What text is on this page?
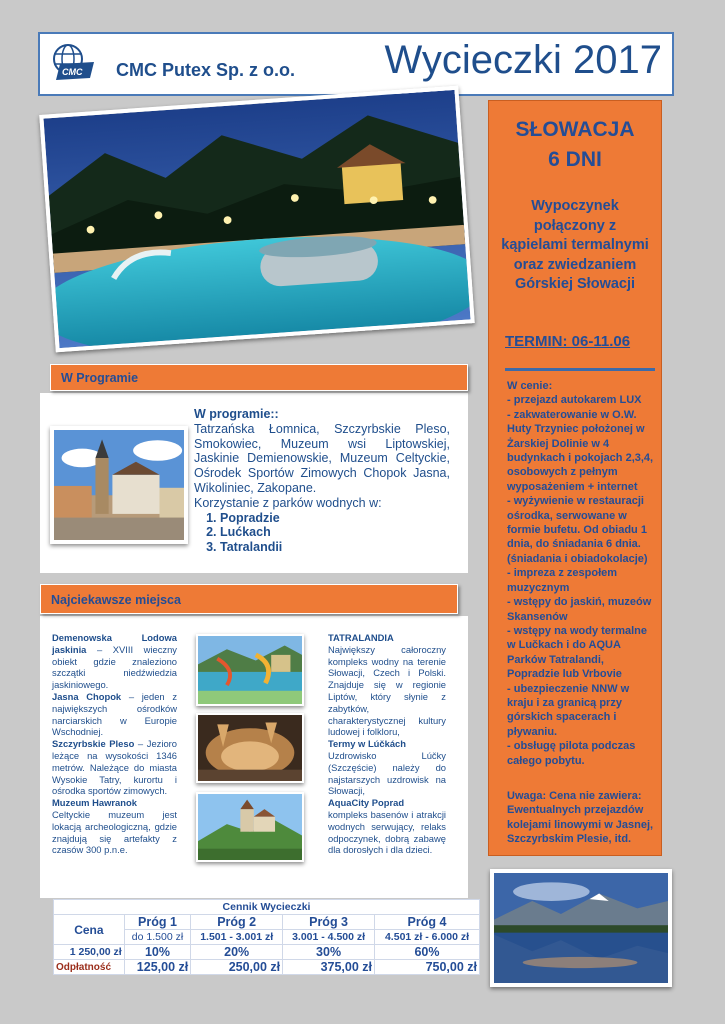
CMC CMC Putex Sp. z o.o. Wycieczki 2017
SŁOWACJA
6 DNI
Wypoczynek połączony z kąpielami termalnymi oraz zwiedzaniem Górskiej Słowacji
TERMIN: 06-11.06
W cenie:
- przejazd autokarem LUX
- zakwaterowanie w O.W. Huty Trzyniec położonej w Żarskiej Dolinie w 4 budynkach i pokojach 2,3,4, osobowych z pełnym wyposażeniem + internet
- wyżywienie w restauracji ośrodka, serwowane w formie bufetu. Od obiadu 1 dnia, do śniadania 6 dnia. (śniadania i obiadokolacje)
- impreza z zespołem muzycznym
- wstępy do jaskiń, muzeów Skansenów
- wstępy na wody termalne w Lučkach i do AQUA Parków Tatralandi, Popradzie lub Vrbovie
- ubezpieczenie NNW w kraju i za granicą przy górskich spacerach i pływaniu.
- obsługę pilota podczas całego pobytu.
Uwaga: Cena nie zawiera: Ewentualnych przejazdów kolejami linowymi w Jasnej, Szczyrbskim Plesie, itd.
W Programie
W programie::
Tatrzańska Łomnica, Szczyrbskie Pleso, Smokowiec, Muzeum wsi Liptowskiej, Jaskinie Demienowskie, Muzeum Celtyckie, Ośrodek Sportów Zimowych Chopok Jasna, Wikoliniec, Zakopane.
Korzystanie z parków wodnych w:
1. Popradzie
2. Lućkach
3. Tatralandii
Najciekawsze miejsca
Demenowska Lodowa jaskinia – XVIII wieczny obiekt gdzie znaleziono szczątki niedźwiedzia jaskiniowego.
Jasna Chopok – jeden z największych ośrodków narciarskich w Europie Wschodniej.
Szczyrbskie Pleso – Jezioro leżące na wysokości 1346 metrów. Należące do miasta Wysokie Tatry, kurortu i ośrodka sportów zimowych.
Muzeum Hawranok
Celtyckie muzeum jest lokacją archeologiczną, gdzie znajdują się artefakty z czasów 300 p.n.e.
TATRALANDIA
Największy całoroczny kompleks wodny na terenie Słowacji, Czech i Polski. Znajduje się w regionie Liptów, który słynie z zabytków, charakterystycznej kultury ludowej i folkloru,
Termy w Lúčkách
Uzdrowisko Lúčky (Szczęście) należy do najstarszych uzdrowisk na Słowacji,
AquaCity Poprad
kompleks basenów i atrakcji wodnych serwujący, relaks odpoczynek, dobrą zabawę dla dorosłych i dla dzieci.
Cennik Wycieczki				
Cena	Próg 1	Próg 2	Próg 3	Próg 4
	do 1.500 zł	1.501 - 3.001 zł	3.001 - 4.500 zł	4.501 zł - 6.000 zł
1 250,00 zł	10%	20%	30%	60%
Odpłatność	125,00 zł	250,00 zł	375,00 zł	750,00 zł
